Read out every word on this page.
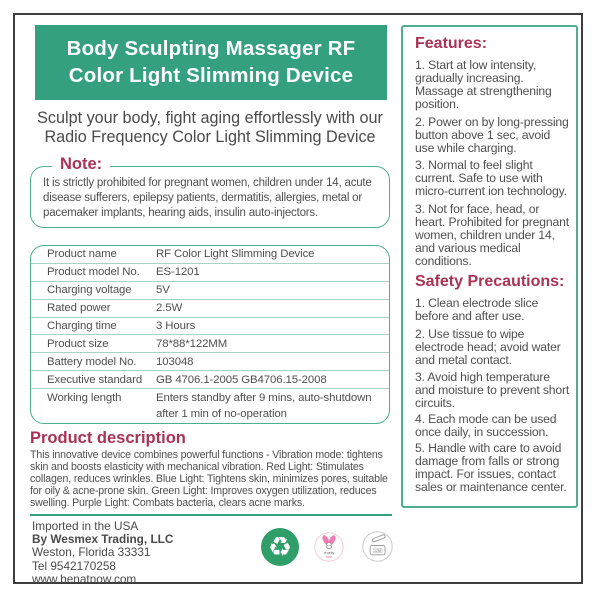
Body Sculpting Massager RF
Color Light Slimming Device
Sculpt your body, fight aging effortlessly with our
Radio Frequency Color Light Slimming Device
Note:
It is strictly prohibited for pregnant women, children under 14, acute disease sufferers, epilepsy patients, dermatitis, allergies, metal or pacemaker implants, hearing aids, insulin auto-injectors.
Product name	RF Color Light Slimming Device
Product model No.	ES-1201
Charging voltage	5V
Rated power	2.5W
Charging time	3 Hours
Product size	78*88*122MM
Battery model No.	103048
Executive standard	GB 4706.1-2005 GB4706.15-2008
Working length	Enters standby after 9 mins, auto-shutdown
after 1 min of no-operation
Product description
This innovative device combines powerful functions - Vibration mode: tightens skin and boosts elasticity with mechanical vibration. Red Light: Stimulates collagen, reduces wrinkles. Blue Light: Tightens skin, minimizes pores, suitable for oily & acne-prone skin. Green Light: Improves oxygen utilization, reduces swelling. Purple Light: Combats bacteria, clears acne marks.
Imported in the USA
By Wesmex Trading, LLC
Weston, Florida 33331
Tel 9542170258
www.benatnow.com
♻	cruelty
free
12M
Features:

1. Start at low intensity, gradually increasing. Massage at strengthening position.

2. Power on by long-pressing button above 1 sec, avoid use while charging.

3. Normal to feel slight current. Safe to use with micro-current ion technology.

3. Not for face, head, or heart. Prohibited for pregnant women, children under 14, and various medical conditions.

Safety Precautions:

1. Clean electrode slice before and after use.

2. Use tissue to wipe electrode head; avoid water and metal contact.

3. Avoid high temperature and moisture to prevent short circuits.

4. Each mode can be used once daily, in succession.

5. Handle with care to avoid damage from falls or strong impact. For issues, contact sales or maintenance center.
